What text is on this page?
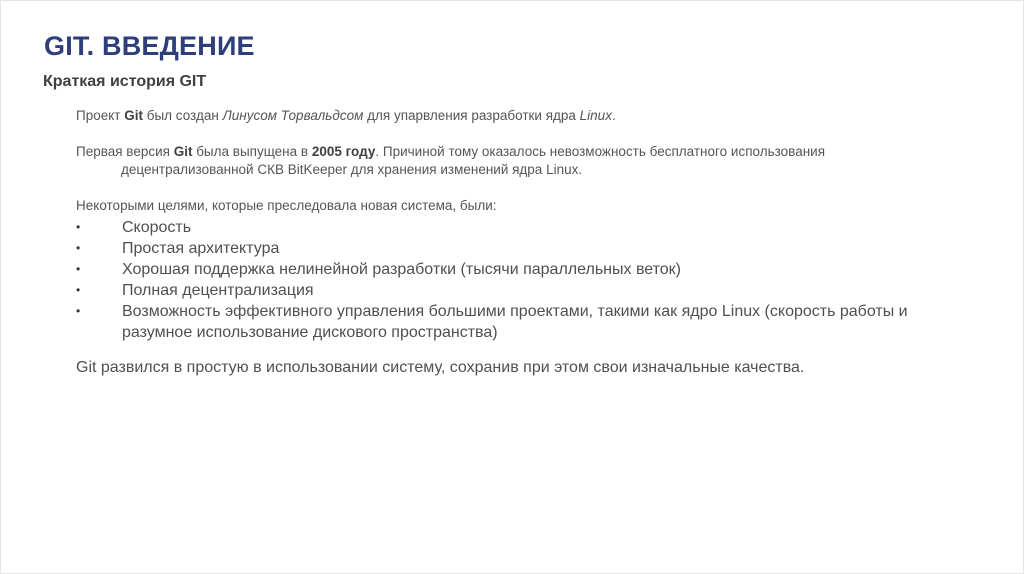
GIT. ВВЕДЕНИЕ
Краткая история GIT
Проект Git был создан Линусом Торвальдсом для упарвления разработки ядра Linux.
Первая версия Git была выпущена в 2005 году. Причиной тому оказалось невозможность бесплатного использования
децентрализованной СКВ BitKeeper для хранения изменений ядра Linux.
Некоторыми целями, которые преследовала новая система, были:
•	Скорость
•	Простая архитектура
•	Хорошая поддержка нелинейной разработки (тысячи параллельных веток)
•	Полная децентрализация
•	Возможность эффективного управления большими проектами, такими как ядро Linux (скорость работы и разумное использование дискового пространства)
Git развился в простую в использовании систему, сохранив при этом свои изначальные качества.
